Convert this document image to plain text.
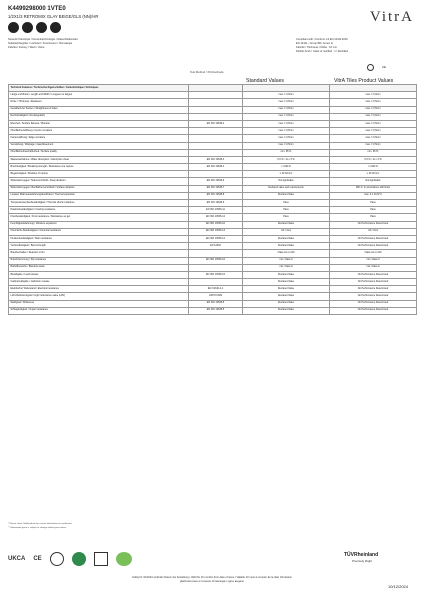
K4499298000 1VTE0
1/2X1/3 RETROMIX GLAY BEIGE/GLS (NN)/HR	VitrA
Seramik Teknolojisi / Keramiktechnologie / Glasur/Dekorated
Tedarikçi/Supplier / Lieferant / Fournisseur / Поставщик
Fabrika / Factory / Werk / Usine
Compliant with / Konform mit EN 14411:2016
EN 14411 - Group BIb, Annex H
Kalınlık / Thickness / Dicke : 10 mm
Düzlük Sınıfı / Class of rectified : 1 / Rectified
CE
Test Method / Prüfmethode
Standard Values	VitrA Tiles Product Values
Technical Features / Technische Eigenschaften / Caractéristiques Techniques			
Länge und Breite / Length and Width / Longueur et largeur		max. ± 0,9mm	max. ± 0,9mm
Dicke / Thickness / Épaisseur		max. ± 0,5mm	max. ± 0,5mm
Geradheit der Kanten / Straightness of sides		max. ± 0,5mm	max. ± 0,5mm
Rechtwinkligkeit / Rectangularity		max. ± 0,6mm	max. ± 0,6mm
Ebenheit / Surface flatness / Planéité	EN ISO 10545-2	max. ± 0,5mm	max. ± 0,5mm
Oberflächenwölbung / Centre curvature		max. ± 0,5mm	max. ± 0,5mm
Kantenwölbung / Edge curvature		max. ± 0,5mm	max. ± 0,5mm
Verwindung / Warpage / Gauchissement		max. ± 0,5mm	max. ± 0,5mm
Oberflächenbeschaffenheit / Surface quality		min. 95 %	min. 95 %
Wasseraufnahme / Water absorption / Absorption d'eau	EN ISO 10545-3	0,5 % < E ≤ 3 %	0,5 % < E ≤ 3 %
Bruchfestigkeit / Breaking strength / Résistance à la rupture	EN ISO 10545-4	≥ 1100 N	≥ 1100 N
Biegefestigkeit / Modulus of rupture		≥ 30 N/mm²	≥ 30 N/mm²
Widerstand gegen Tiefenverschleiß / Deep abrasion	EN ISO 10545-6	Not Applicable	Not Applicable
Widerstand gegen Oberflächenverschleiß / Surface abrasion	EN ISO 10545-7	Declared value and requirements	PEI 3 / In accordance with limits
Linearer Wärmeausdehnungskoeffizient / Thermal expansion	EN ISO 10545-8	Declared Value	max. 9 x 10-6/°C
Temperaturwechselbeständigkeit / Thermal shock resistance	EN ISO 10545-9	Pass	Pass
Haarrissbeständigkeit / Crazing resistance	EN ISO 10545-11	Pass	Pass
Frostbeständigkeit / Frost resistance / Résistance au gel	EN ISO 10545-12	Pass	Pass
Feuchtigkeitsdehnung / Moisture expansion	EN ISO 10545-10	Declared Value	No Performance Determined
Chemische Beständigkeit / Chemical resistance	EN ISO 10545-13	UA / ULA	UA / ULA
Fleckenbeständigkeit / Stain resistance	EN ISO 10545-14	Declared Value	No Performance Determined
Verbundfestigkeit / Bond strength	EN 12004	Declared Value	No Performance Determined
Brandverhalten / Reaction to fire		Class A1 or A1fl	Class A1 or A1fl
Rutschhemmung / Slip resistance	EN ISO 10545-16	min. Class 0	min. Class 0
Barfußbereiche / Barefoot areas		min. Class A	min. Class A
Bleiabgabe / Lead release	EN ISO 10545-15	Declared Value	No Performance Determined
Cadmiumabgabe / Cadmium release		Declared Value	No Performance Determined
Elektrischer Widerstand / Electrical resistance	IEC 61340-4-1	Declared Value	No Performance Determined
Licht-Reflexionsgrad / Light reflectance value (LRV)	ASTM C609	Declared Value	No Performance Determined
Weißgrad / Whiteness	EN ISO 10545-5	Declared Value	No Performance Determined
Schlagfestigkeit / Impact resistance	EN ISO 10545-5	Declared Value	No Performance Determined
* Please check VitrA website for current information on certificates.
** Information given is subject to change without prior notice.
UKCA CE
TÜVRheinland
Precisely Right.
Gültig für 10/2024 und/oder Datum der Erstellung / Valid for 10 months from date of issue / Valable 10 mois à compter de la date d'émission
Действительно в течение 10 месяцев с даты выдачи
10/12/2024
